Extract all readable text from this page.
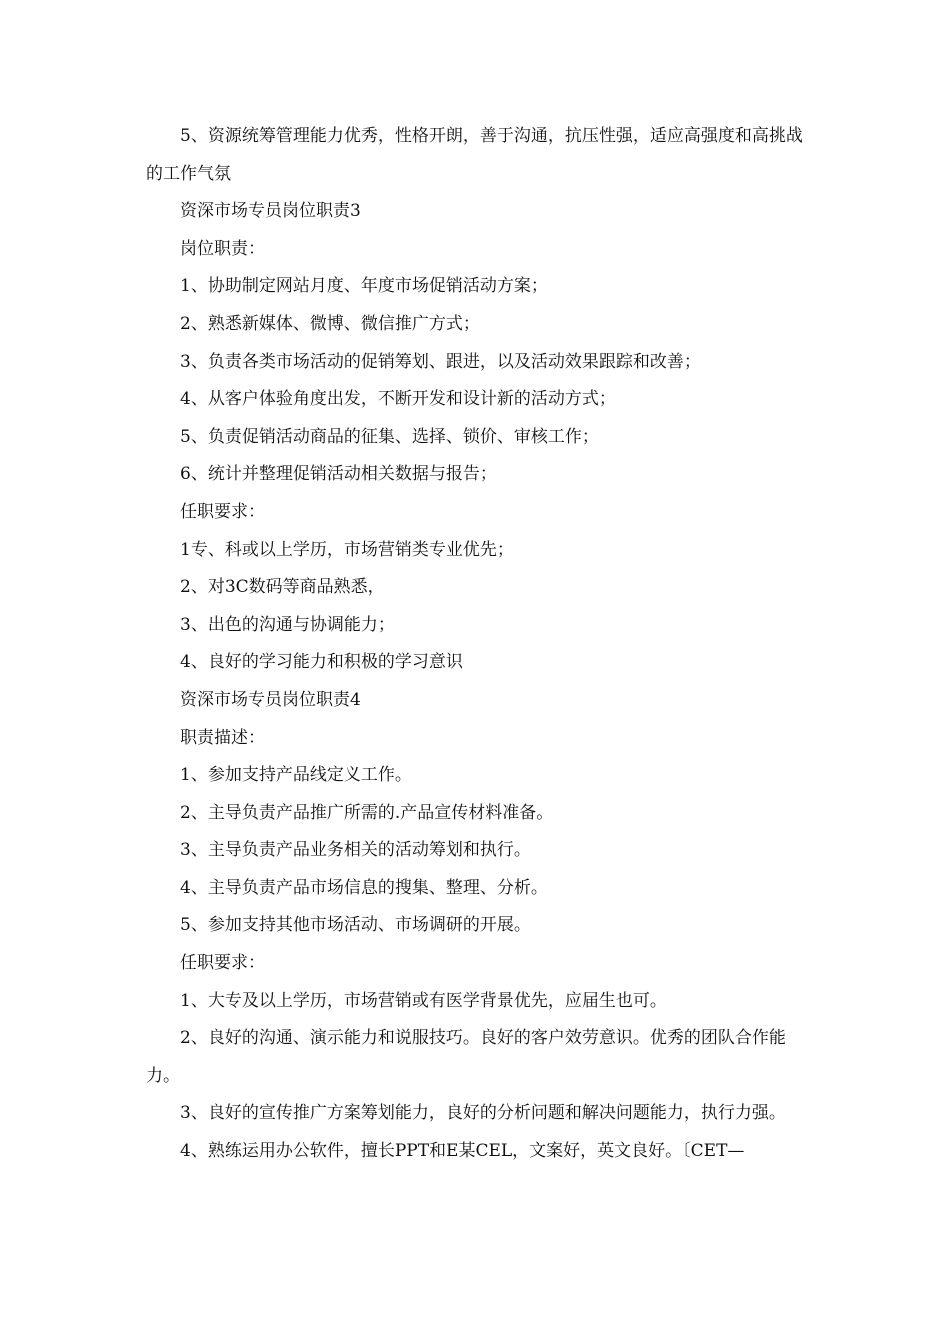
5、资源统筹管理能力优秀，性格开朗，善于沟通，抗压性强，适应高强度和高挑战的工作气氛

资深市场专员岗位职责3

岗位职责：

1、协助制定网站月度、年度市场促销活动方案；

2、熟悉新媒体、微博、微信推广方式；

3、负责各类市场活动的促销筹划、跟进，以及活动效果跟踪和改善；

4、从客户体验角度出发，不断开发和设计新的活动方式；

5、负责促销活动商品的征集、选择、锁价、审核工作；

6、统计并整理促销活动相关数据与报告；

任职要求：

1专、科或以上学历，市场营销类专业优先；

2、对3C数码等商品熟悉，

3、出色的沟通与协调能力；

4、良好的学习能力和积极的学习意识

资深市场专员岗位职责4

职责描述：

1、参加支持产品线定义工作。

2、主导负责产品推广所需的.产品宣传材料准备。

3、主导负责产品业务相关的活动筹划和执行。

4、主导负责产品市场信息的搜集、整理、分析。

5、参加支持其他市场活动、市场调研的开展。

任职要求：

1、大专及以上学历，市场营销或有医学背景优先，应届生也可。

2、良好的沟通、演示能力和说服技巧。良好的客户效劳意识。优秀的团队合作能力。

3、良好的宣传推广方案筹划能力，良好的分析问题和解决问题能力，执行力强。

4、熟练运用办公软件，擅长PPT和E某CEL，文案好，英文良好。〔CET—
